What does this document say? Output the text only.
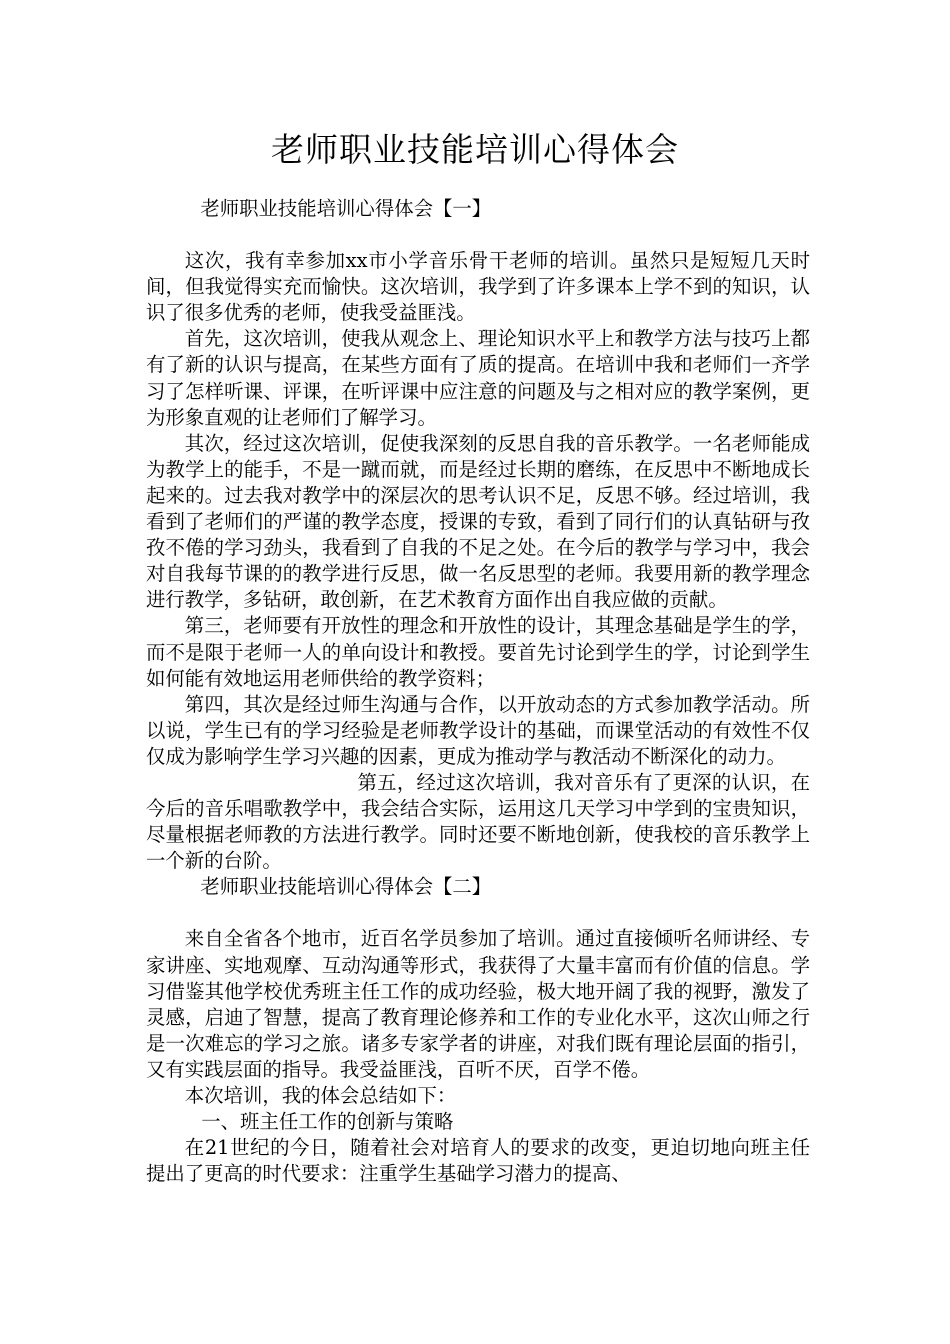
老师职业技能培训心得体会

老师职业技能培训心得体会【一】

这次，我有幸参加xx市小学音乐骨干老师的培训。虽然只是短短几天时间，但我觉得实充而愉快。这次培训，我学到了许多课本上学不到的知识，认识了很多优秀的老师，使我受益匪浅。

首先，这次培训，使我从观念上、理论知识水平上和教学方法与技巧上都有了新的认识与提高，在某些方面有了质的提高。在培训中我和老师们一齐学习了怎样听课、评课，在听评课中应注意的问题及与之相对应的教学案例，更为形象直观的让老师们了解学习。

其次，经过这次培训，促使我深刻的反思自我的音乐教学。一名老师能成为教学上的能手，不是一蹴而就，而是经过长期的磨练，在反思中不断地成长起来的。过去我对教学中的深层次的思考认识不足，反思不够。经过培训，我看到了老师们的严谨的教学态度，授课的专致，看到了同行们的认真钻研与孜孜不倦的学习劲头，我看到了自我的不足之处。在今后的教学与学习中，我会对自我每节课的的教学进行反思，做一名反思型的老师。我要用新的教学理念进行教学，多钻研，敢创新，在艺术教育方面作出自我应做的贡献。

第三，老师要有开放性的理念和开放性的设计，其理念基础是学生的学，而不是限于老师一人的单向设计和教授。要首先讨论到学生的学，讨论到学生如何能有效地运用老师供给的教学资料；

第四，其次是经过师生沟通与合作，以开放动态的方式参加教学活动。所以说，学生已有的学习经验是老师教学设计的基础，而课堂活动的有效性不仅仅成为影响学生学习兴趣的因素，更成为推动学与教活动不断深化的动力。

第五，经过这次培训，我对音乐有了更深的认识，在今后的音乐唱歌教学中，我会结合实际，运用这几天学习中学到的宝贵知识，尽量根据老师教的方法进行教学。同时还要不断地创新，使我校的音乐教学上一个新的台阶。

老师职业技能培训心得体会【二】

来自全省各个地市，近百名学员参加了培训。通过直接倾听名师讲经、专家讲座、实地观摩、互动沟通等形式，我获得了大量丰富而有价值的信息。学习借鉴其他学校优秀班主任工作的成功经验，极大地开阔了我的视野，激发了灵感，启迪了智慧，提高了教育理论修养和工作的专业化水平，这次山师之行是一次难忘的学习之旅。诸多专家学者的讲座，对我们既有理论层面的指引，又有实践层面的指导。我受益匪浅，百听不厌，百学不倦。

本次培训，我的体会总结如下：

一、班主任工作的创新与策略

在21世纪的今日，随着社会对培育人的要求的改变，更迫切地向班主任提出了更高的时代要求：注重学生基础学习潜力的提高、
